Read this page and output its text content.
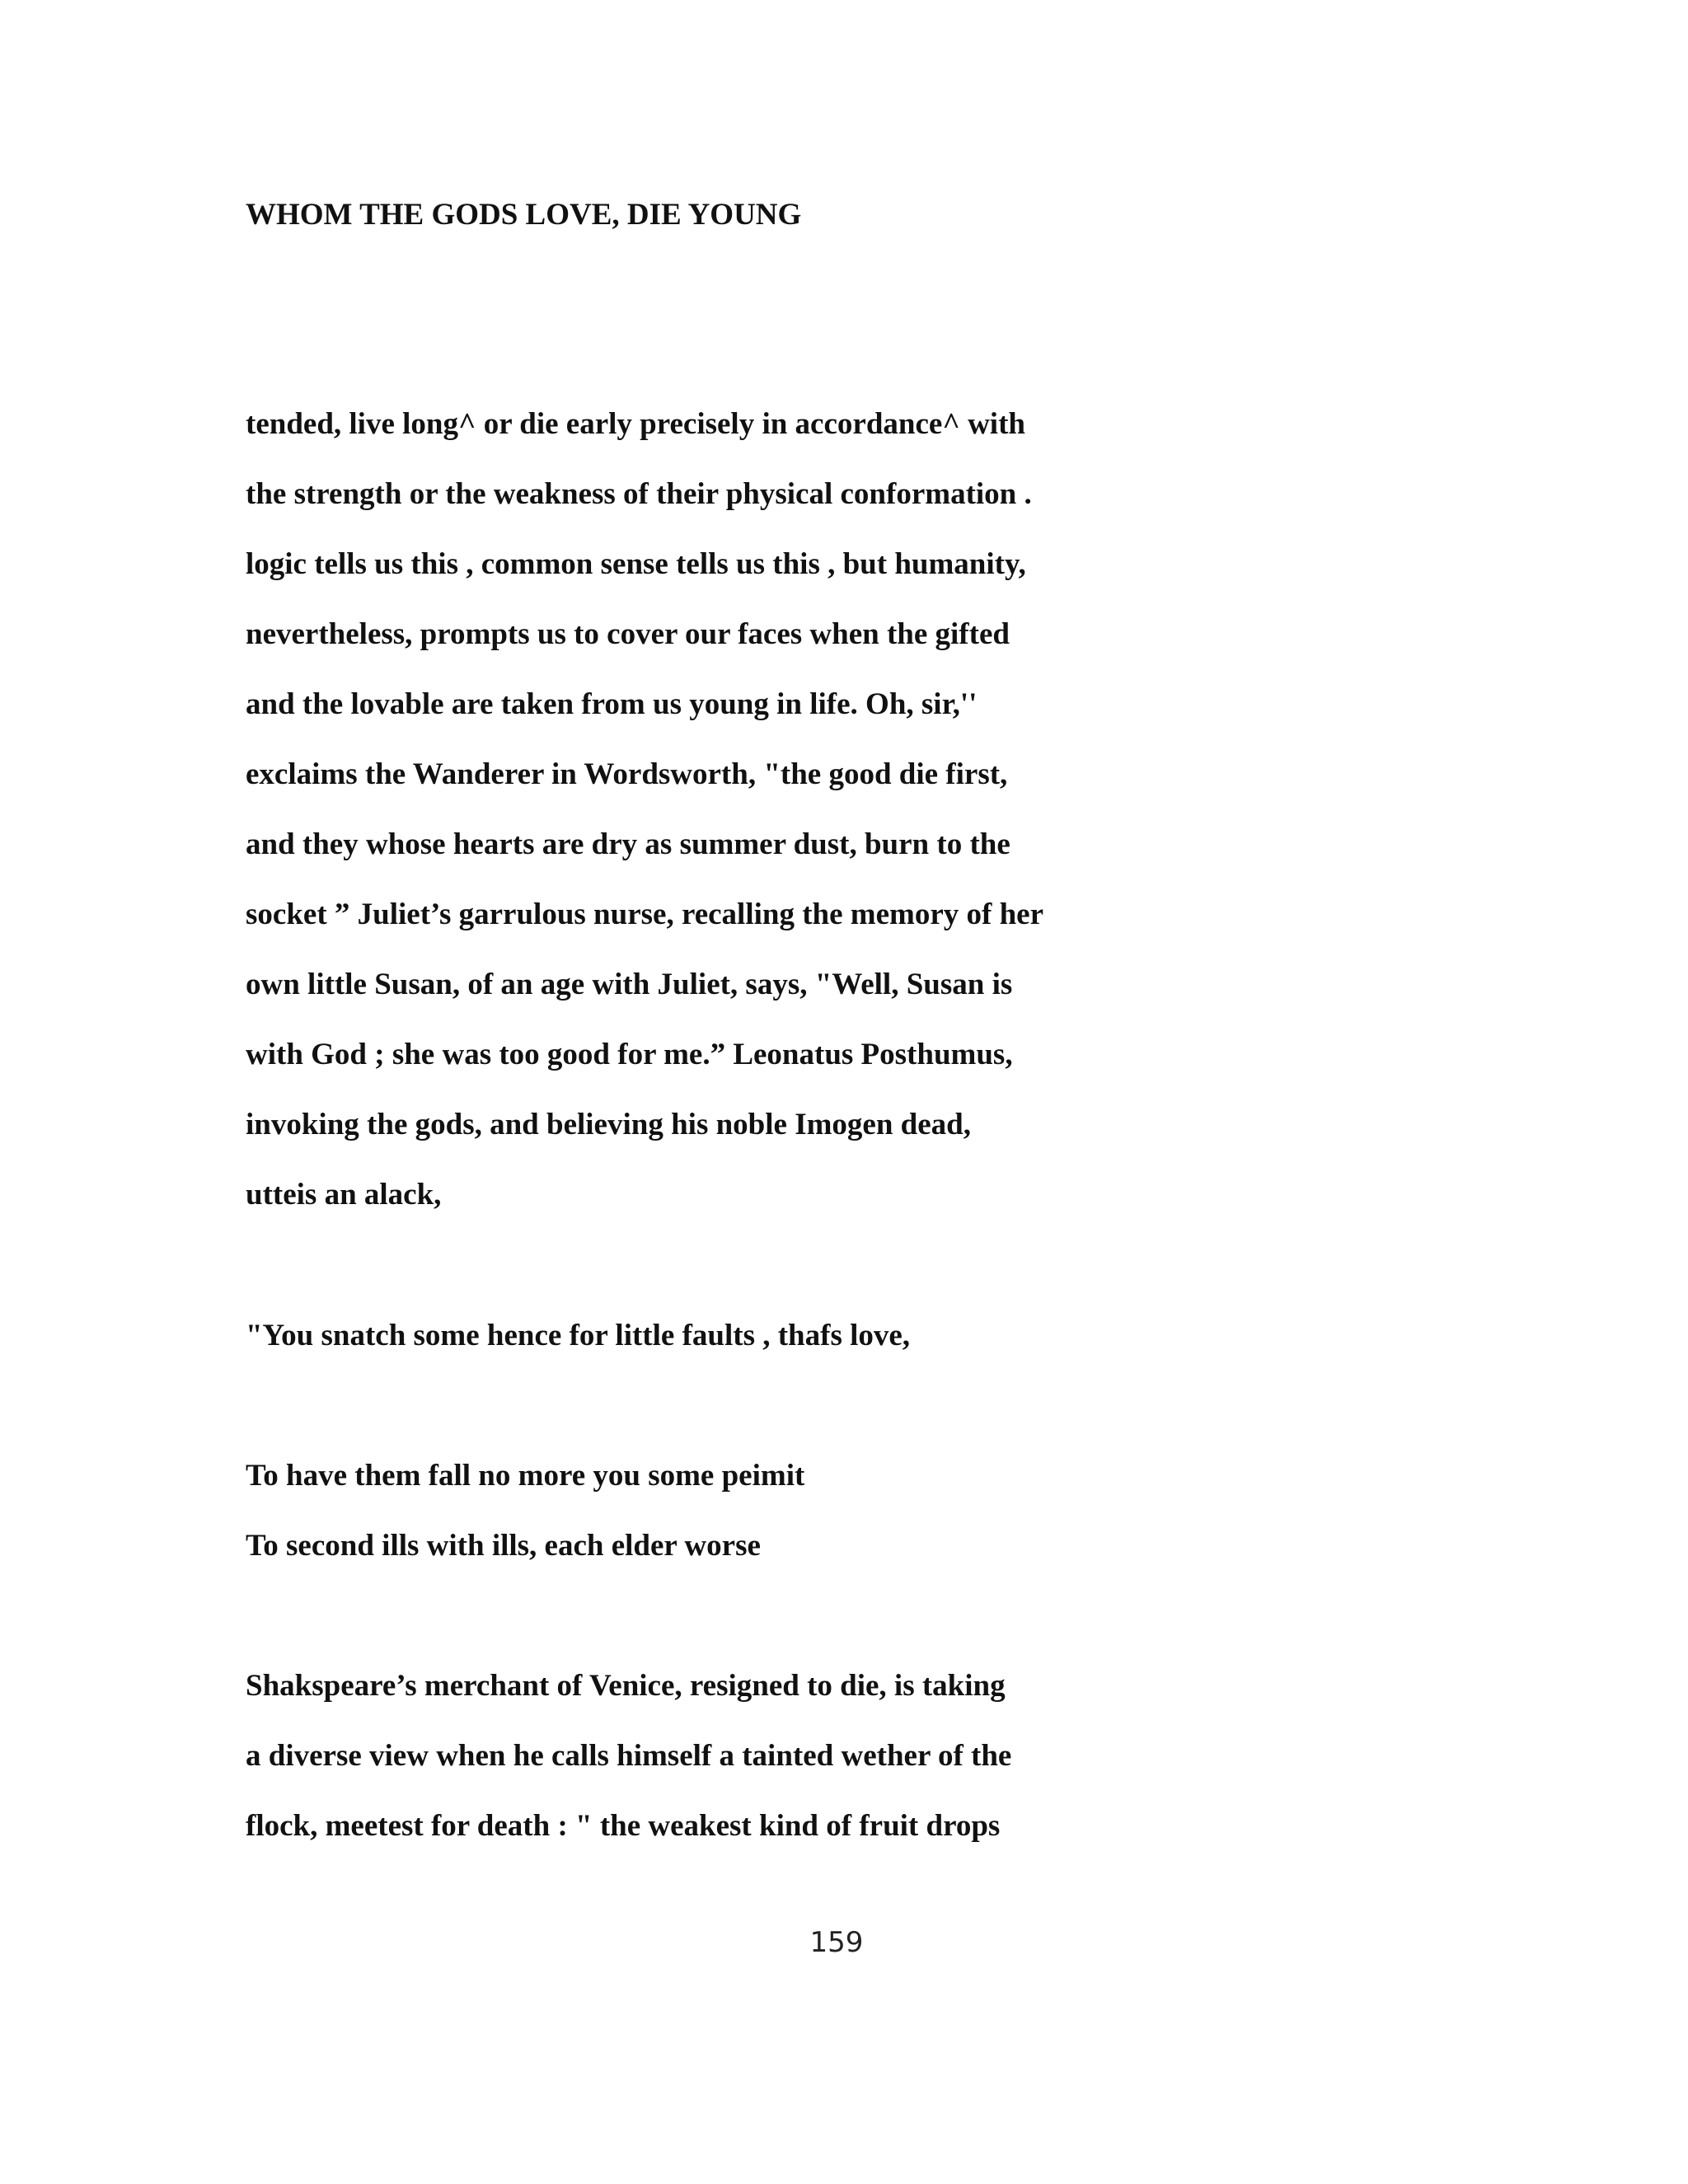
WHOM THE GODS LOVE, DIE YOUNG
tended, live long^ or die early precisely in accordance^ with
the strength or the weakness of their physical conformation .
logic tells us this , common sense tells us this , but humanity,
nevertheless, prompts us to cover our faces when the gifted
and the lovable are taken from us young in life. Oh, sir,''
exclaims the Wanderer in Wordsworth, "the good die first,
and they whose hearts are dry as summer dust, burn to the
socket ” Juliet’s garrulous nurse, recalling the memory of her
own little Susan, of an age with Juliet, says, "Well, Susan is
with God ; she was too good for me.” Leonatus Posthumus,
invoking the gods, and believing his noble Imogen dead,
utteis an alack,
"You snatch some hence for little faults , thafs love,
To have them fall no more you some peimit
To second ills with ills, each elder worse
Shakspeare’s merchant of Venice, resigned to die, is taking
a diverse view when he calls himself a tainted wether of the
flock, meetest for death : " the weakest kind of fruit drops
159
